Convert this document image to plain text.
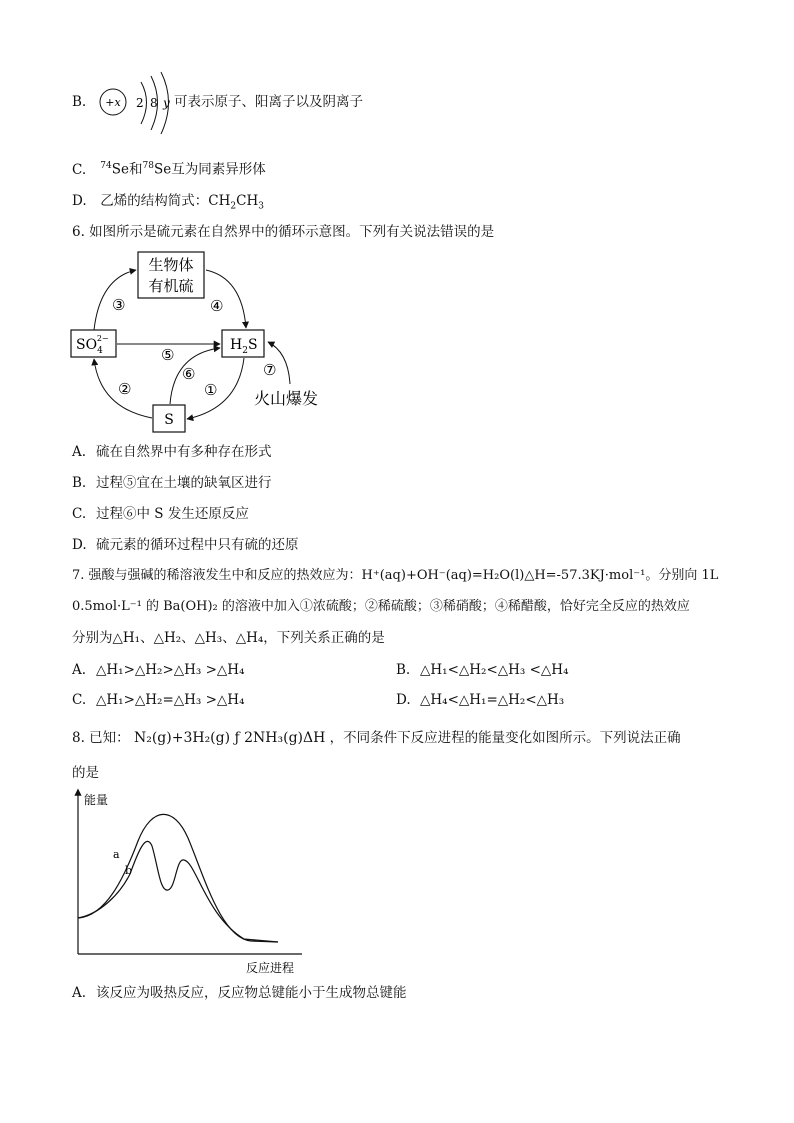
B.	+x 2 8 y 可表示原子、阳离子以及阴离子
C. $^{74}$Se和$^{78}$Se互为同素异形体
D. 乙烯的结构简式：$CH_2CH_3$
6. 如图所示是硫元素在自然界中的循环示意图。下列有关说法错误的是
生物体
有机硫
$SO_42-$	$H_2S$
S
③	④
⑤
②
⑥
①
⑦
火山爆发
A. 硫在自然界中有多种存在形式
B. 过程⑤宜在土壤的缺氧区进行
C. 过程⑥中 S 发生还原反应
D. 硫元素的循环过程中只有硫的还原
7. 强酸与强碱的稀溶液发生中和反应的热效应为：H⁺(aq)+OH⁻(aq)=H₂O(l)△H=-57.3KJ·mol⁻¹。分别向 1L
0.5mol·L⁻¹ 的 Ba(OH)₂ 的溶液中加入①浓硫酸；②稀硫酸；③稀硝酸；④稀醋酸，恰好完全反应的热效应
分别为△H₁、△H₂、△H₃、△H₄，下列关系正确的是
A. △H₁>△H₂>△H₃ >△H₄	B. △H₁<△H₂<△H₃ <△H₄
C. △H₁>△H₂=△H₃ >△H₄	D. △H₄<△H₁=△H₂<△H₃
8. 已知： N₂(g)+3H₂(g) ƒ 2NH₃(g)ΔH ，不同条件下反应进程的能量变化如图所示。下列说法正确
的是
能量
反应进程
a
b
A. 该反应为吸热反应，反应物总键能小于生成物总键能
